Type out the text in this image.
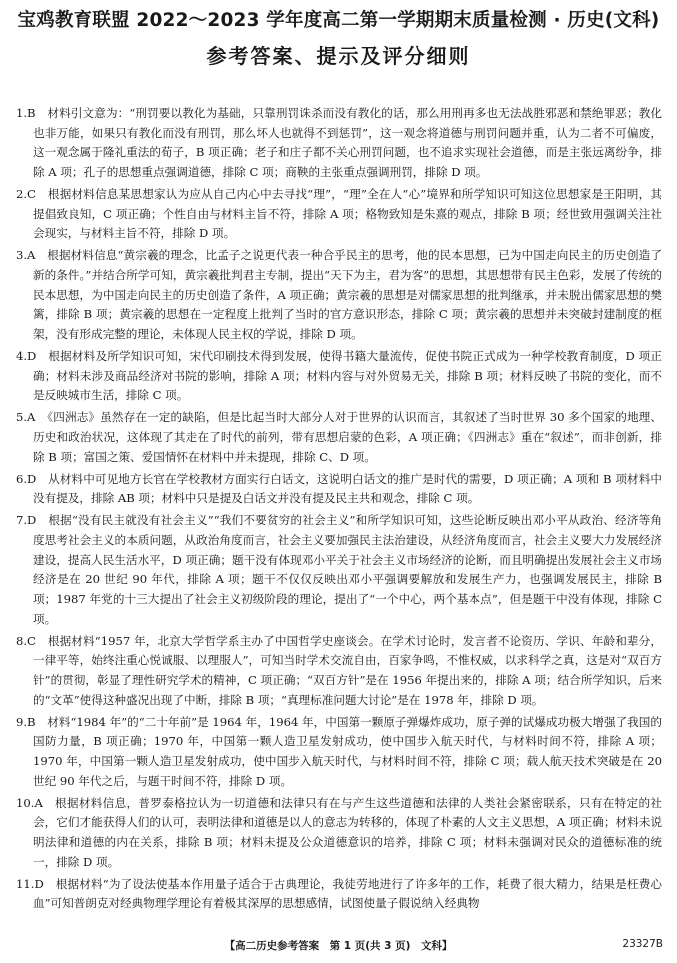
宝鸡教育联盟 2022～2023 学年度高二第一学期期末质量检测 · 历史(文科)
参考答案、提示及评分细则

1.B　 材料引文意为：“刑罚要以教化为基础，只靠刑罚诛杀而没有教化的话，那么用刑再多也无法战胜邪恶和禁绝罪恶；教化也非万能，如果只有教化而没有刑罚，那么坏人也就得不到惩罚”，这一观念将道德与刑罚问题并重，认为二者不可偏废，这一观念属于隆礼重法的荀子，B 项正确；老子和庄子都不关心刑罚问题，也不追求实现社会道德，而是主张远离纷争，排除 A 项；孔子的思想重点强调道德，排除 C 项；商鞅的主张重点强调刑罚，排除 D 项。

2.C　 根据材料信息某思想家认为应从自己内心中去寻找“理”，“理”全在人“心”境界和所学知识可知这位思想家是王阳明，其提倡致良知，C 项正确；个性自由与材料主旨不符，排除 A 项；格物致知是朱熹的观点，排除 B 项；经世致用强调关注社会现实，与材料主旨不符，排除 D 项。

3.A　 根据材料信息“黄宗羲的理念，比孟子之说更代表一种合乎民主的思考，他的民本思想，已为中国走向民主的历史创造了新的条件。”并结合所学可知，黄宗羲批判君主专制，提出“天下为主，君为客”的思想，其思想带有民主色彩，发展了传统的民本思想，为中国走向民主的历史创造了条件，A 项正确；黄宗羲的思想是对儒家思想的批判继承，并未脱出儒家思想的樊篱，排除 B 项；黄宗羲的思想在一定程度上批判了当时的官方意识形态，排除 C 项；黄宗羲的思想并未突破封建制度的框架，没有形成完整的理论，未体现人民主权的学说，排除 D 项。

4.D　 根据材料及所学知识可知，宋代印刷技术得到发展，使得书籍大量流传，促使书院正式成为一种学校教育制度，D 项正确；材料未涉及商品经济对书院的影响，排除 A 项；材料内容与对外贸易无关，排除 B 项；材料反映了书院的变化，而不是反映城市生活，排除 C 项。

5.A　 《四洲志》虽然存在一定的缺陷，但是比起当时大部分人对于世界的认识而言，其叙述了当时世界 30 多个国家的地理、历史和政治状况，这体现了其走在了时代的前列，带有思想启蒙的色彩，A 项正确；《四洲志》重在“叙述”，而非创新，排除 B 项；富国之策、爱国情怀在材料中并未提现，排除 C、D 项。

6.D　 从材料中可见地方长官在学校教材方面实行白话文，这说明白话文的推广是时代的需要，D 项正确；A 项和 B 项材料中没有提及，排除 AB 项；材料中只是提及白话文并没有提及民主共和观念，排除 C 项。

7.D　 根据“没有民主就没有社会主义”“我们不要贫穷的社会主义”和所学知识可知，这些论断反映出邓小平从政治、经济等角度思考社会主义的本质问题，从政治角度而言，社会主义要加强民主法治建设，从经济角度而言，社会主义要大力发展经济建设，提高人民生活水平，D 项正确；题干没有体现邓小平关于社会主义市场经济的论断，而且明确提出发展社会主义市场经济是在 20 世纪 90 年代，排除 A 项；题干不仅仅反映出邓小平强调要解放和发展生产力，也强调发展民主，排除 B 项；1987 年党的十三大提出了社会主义初级阶段的理论，提出了“一个中心，两个基本点”，但是题干中没有体现，排除 C 项。

8.C　 根据材料“1957 年，北京大学哲学系主办了中国哲学史座谈会。在学术讨论时，发言者不论资历、学识、年龄和辈分，一律平等，始终注重心悦诚服、以理服人”，可知当时学术交流自由，百家争鸣，不惟权威，以求科学之真，这是对“双百方针”的贯彻，彰显了理性研究学术的精神，C 项正确；“双百方针”是在 1956 年提出来的，排除 A 项；结合所学知识，后来的“文革”使得这种盛况出现了中断，排除 B 项；“真理标准问题大讨论”是在 1978 年，排除 D 项。

9.B　 材料“1984 年”的“二十年前”是 1964 年，1964 年，中国第一颗原子弹爆炸成功，原子弹的试爆成功极大增强了我国的国防力量，B 项正确；1970 年，中国第一颗人造卫星发射成功，使中国步入航天时代，与材料时间不符，排除 A 项；1970 年，中国第一颗人造卫星发射成功，使中国步入航天时代，与材料时间不符，排除 C 项；载人航天技术突破是在 20 世纪 90 年代之后，与题干时间不符，排除 D 项。

10.A　 根据材料信息，普罗泰格拉认为一切道德和法律只有在与产生这些道德和法律的人类社会紧密联系，只有在特定的社会，它们才能获得人们的认可，表明法律和道德是以人的意志为转移的，体现了朴素的人文主义思想，A 项正确；材料未说明法律和道德的内在关系，排除 B 项；材料未提及公众道德意识的培养，排除 C 项；材料未强调对民众的道德标准的统一，排除 D 项。

11.D　 根据材料“为了设法使基本作用量子适合于古典理论，我徒劳地进行了许多年的工作，耗费了很大精力，结果是枉费心血”可知普朗克对经典物理学理论有着极其深厚的思想感情，试图使量子假说纳入经典物

【高二历史参考答案　第 1 页(共 3 页)　文科】	23327B
